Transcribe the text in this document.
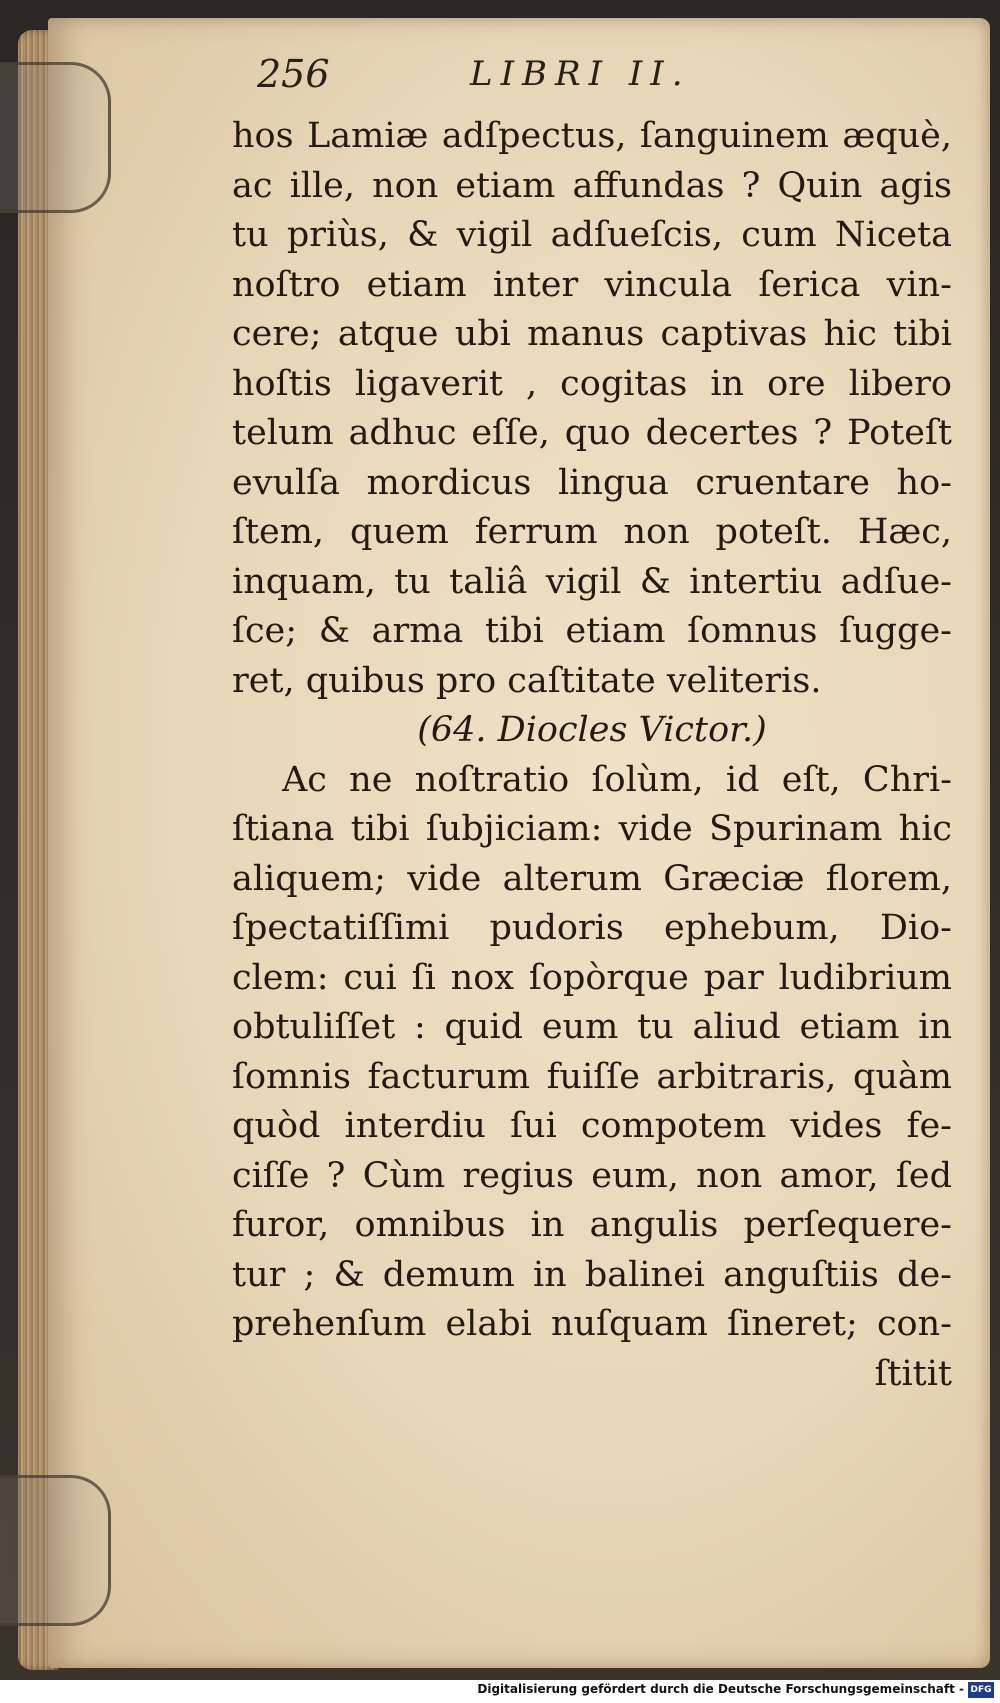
256	LIBRI II.
hos Lamiæ adſpectus, ſanguinem æquè,
ac ille, non etiam affundas ? Quin agis
tu priùs, & vigil adſueſcis, cum Niceta
noſtro etiam inter vincula ſerica vin-
cere; atque ubi manus captivas hic tibi
hoſtis ligaverit , cogitas in ore libero
telum adhuc eſſe, quo decertes ? Poteſt
evulſa mordicus lingua cruentare ho-
ſtem, quem ferrum non poteſt. Hæc,
inquam, tu taliâ vigil & intertiu adſue-
ſce; & arma tibi etiam ſomnus ſugge-
ret, quibus pro caſtitate veliteris.
(64. Diocles Victor.)
Ac ne noſtratio ſolùm, id eſt, Chri-
ſtiana tibi ſubjiciam: vide Spurinam hic
aliquem; vide alterum Græciæ florem,
ſpectatiſſimi pudoris ephebum, Dio-
clem: cui ſi nox ſopòrque par ludibrium
obtuliſſet : quid eum tu aliud etiam in
ſomnis facturum fuiſſe arbitraris, quàm
quòd interdiu ſui compotem vides fe-
ciſſe ? Cùm regius eum, non amor, ſed
furor, omnibus in angulis perſequere-
tur ; & demum in balinei anguſtiis de-
prehenſum elabi nuſquam ſineret; con-
ſtitit
Digitalisierung gefördert durch die Deutsche Forschungsgemeinschaft - DFG
